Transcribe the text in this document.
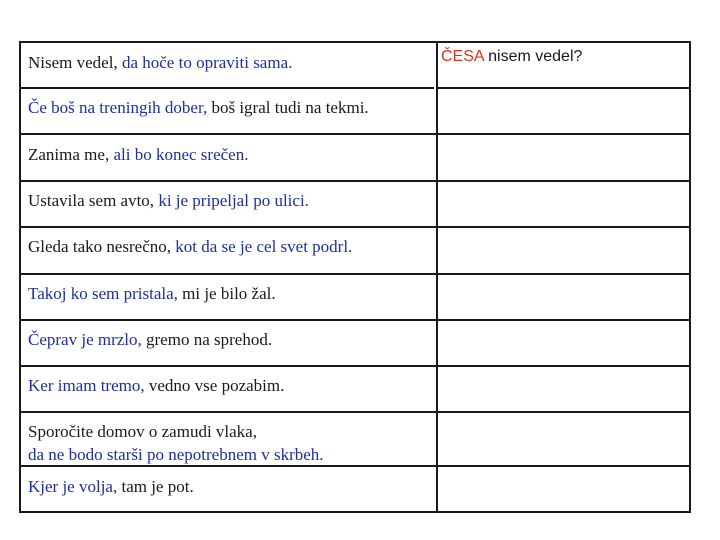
ČESA nisem vedel?
Nisem vedel, da hoče to opraviti sama.
Če boš na treningih dober, boš igral tudi na tekmi.
Zanima me, ali bo konec srečen.
Ustavila sem avto, ki je pripeljal po ulici.
Gleda tako nesrečno, kot da se je cel svet podrl.
Takoj ko sem pristala, mi je bilo žal.
Čeprav je mrzlo, gremo na sprehod.
Ker imam tremo, vedno vse pozabim.
Sporočite domov o zamudi vlaka,
da ne bodo starši po nepotrebnem v skrbeh.
Kjer je volja, tam je pot.
